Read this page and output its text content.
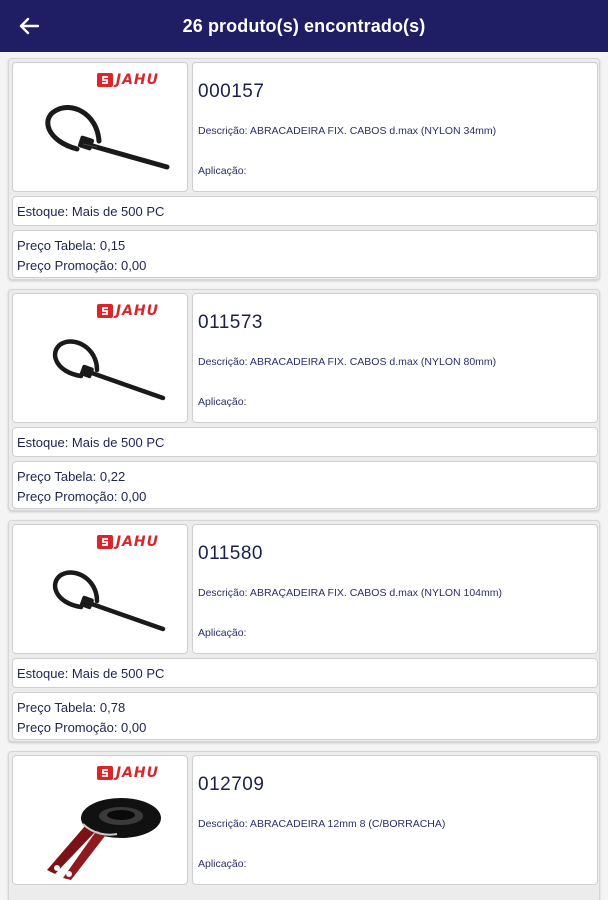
26 produto(s) encontrado(s)
JAHU
000157
Descrição: ABRACADEIRA FIX. CABOS d.max (NYLON 34mm)
Aplicação:
Estoque: Mais de 500 PC
Preço Tabela: 0,15
Preço Promoção: 0,00
JAHU
011573
Descrição: ABRACADEIRA FIX. CABOS d.max (NYLON 80mm)
Aplicação:
Estoque: Mais de 500 PC
Preço Tabela: 0,22
Preço Promoção: 0,00
JAHU
011580
Descrição: ABRAÇADEIRA FIX. CABOS d.max (NYLON 104mm)
Aplicação:
Estoque: Mais de 500 PC
Preço Tabela: 0,78
Preço Promoção: 0,00
JAHU
012709
Descrição: ABRACADEIRA 12mm 8 (C/BORRACHA)
Aplicação:
